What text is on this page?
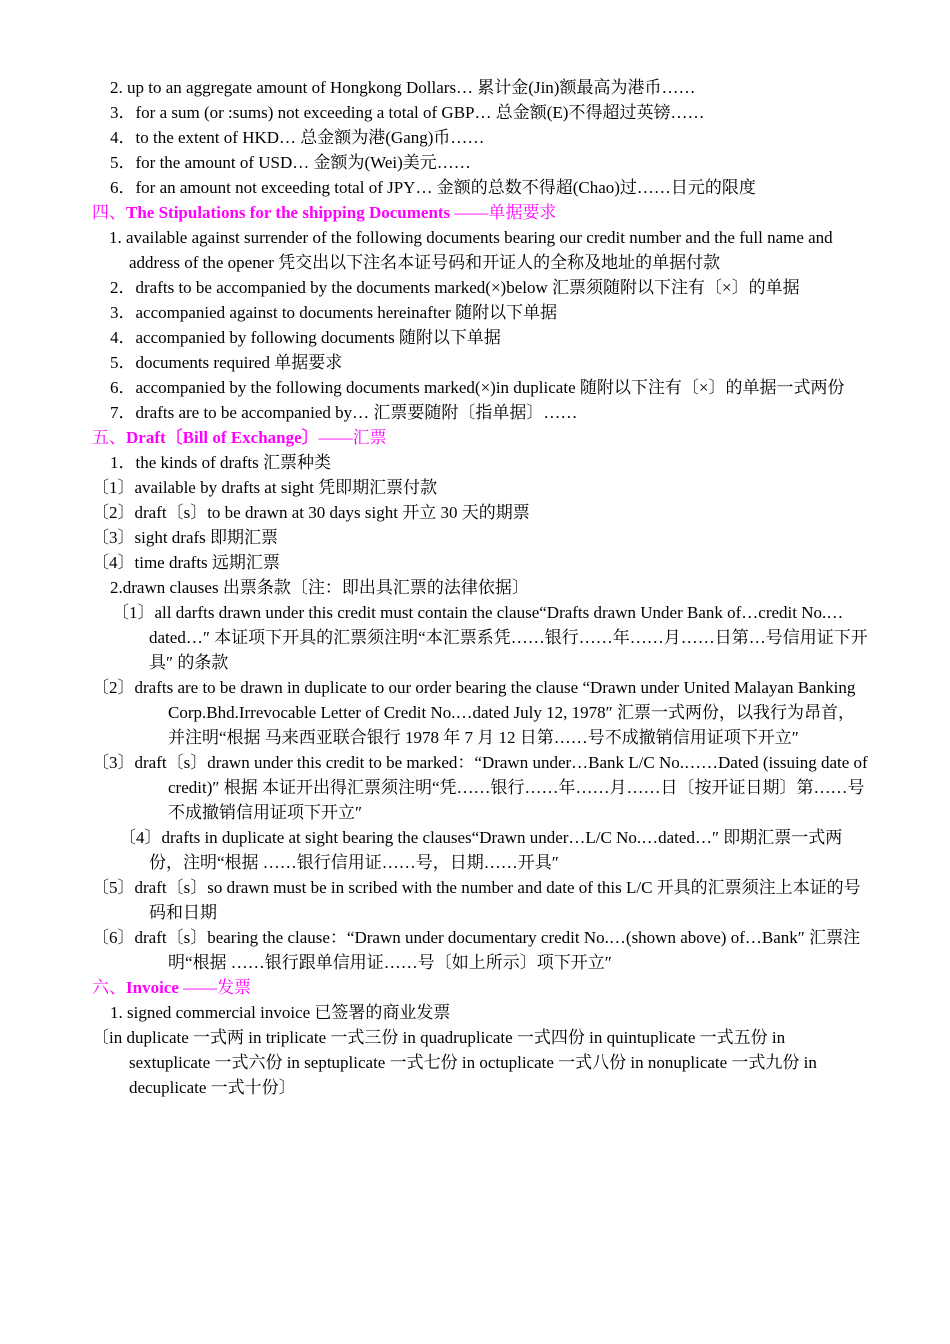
2. up to an aggregate amount of Hongkong Dollars… 累计金(Jin)额最高为港币……
3．for a sum (or :sums) not exceeding a total of GBP… 总金额(E)不得超过英镑……
4．to the extent of HKD… 总金额为港(Gang)币……
5．for the amount of USD… 金额为(Wei)美元……
6．for an amount not exceeding total of JPY… 金额的总数不得超(Chao)过……日元的限度
四、The Stipulations for the shipping Documents ——单据要求
1. available against surrender of the following documents bearing our credit number and the full name and address of the opener 凭交出以下注名本证号码和开证人的全称及地址的单据付款
2．drafts to be accompanied by the documents marked(×)below 汇票须随附以下注有〔×〕的单据
3．accompanied against to documents hereinafter 随附以下单据
4．accompanied by following documents 随附以下单据
5．documents required 单据要求
6．accompanied by the following documents marked(×)in duplicate 随附以下注有〔×〕的单据一式两份
7．drafts are to be accompanied by… 汇票要随附〔指单据〕……
五、Draft〔Bill of Exchange〕——汇票
1．the kinds of drafts 汇票种类
〔1〕available by drafts at sight 凭即期汇票付款
〔2〕draft〔s〕to be drawn at 30 days sight 开立 30 天的期票
〔3〕sight drafs 即期汇票
〔4〕time drafts 远期汇票
2.drawn clauses 出票条款〔注：即出具汇票的法律依据〕
〔1〕all darfts drawn under this credit must contain the clause“Drafts drawn Under Bank of…credit No.…dated…″ 本证项下开具的汇票须注明“本汇票系凭……银行……年……月……日第…号信用证下开具″ 的条款
〔2〕drafts are to be drawn in duplicate to our order bearing the clause “Drawn under United Malayan Banking Corp.Bhd.Irrevocable Letter of Credit No.…dated July 12, 1978″ 汇票一式两份，以我行为昂首，并注明“根据 马来西亚联合银行 1978 年 7 月 12 日第……号不成撤销信用证项下开立″
〔3〕draft〔s〕drawn under this credit to be marked：“Drawn under…Bank L/C No.……Dated (issuing date of credit)″ 根据 本证开出得汇票须注明“凭……银行……年……月……日〔按开证日期〕第……号不成撤销信用证项下开立″
〔4〕drafts in duplicate at sight bearing the clauses“Drawn under…L/C No.…dated…″ 即期汇票一式两份，注明“根据 ……银行信用证……号，日期……开具″
〔5〕draft〔s〕so drawn must be in scribed with the number and date of this L/C 开具的汇票须注上本证的号码和日期
〔6〕draft〔s〕bearing the clause：“Drawn under documentary credit No.…(shown above) of…Bank″ 汇票注明“根据 ……银行跟单信用证……号〔如上所示〕项下开立″
六、Invoice ——发票
1. signed commercial invoice 已签署的商业发票
〔in duplicate 一式两 in triplicate 一式三份 in quadruplicate 一式四份 in quintuplicate 一式五份 in sextuplicate 一式六份 in septuplicate 一式七份 in octuplicate 一式八份 in nonuplicate 一式九份 in decuplicate 一式十份〕
